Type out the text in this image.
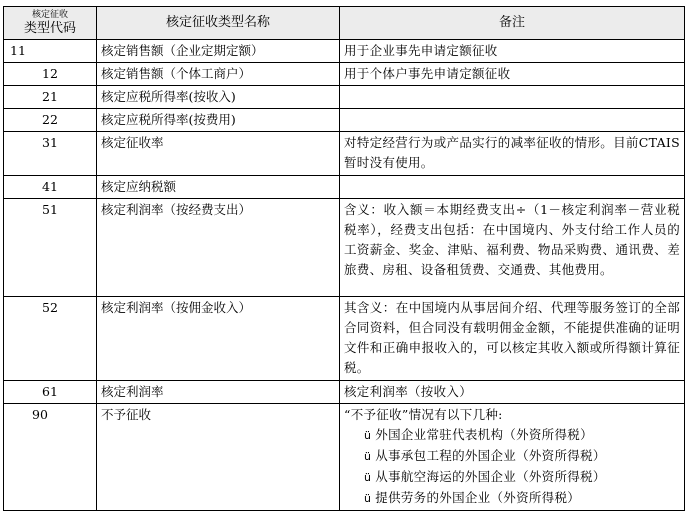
核定征收
类型代码	核定征收类型名称	备注
11	核定销售额（企业定期定额）	用于企业事先申请定额征收
12	核定销售额（个体工商户）	用于个体户事先申请定额征收
21	核定应税所得率(按收入)	
22	核定应税所得率(按费用)	
31	核定征收率	对特定经营行为或产品实行的减率征收的情形。目前CTAIS暂时没有使用。
41	核定应纳税额	
51	核定利润率（按经费支出）	含义：收入额＝本期经费支出÷（1－核定利润率－营业税税率），经费支出包括：在中国境内、外支付给工作人员的工资薪金、奖金、津贴、福利费、物品采购费、通讯费、差旅费、房租、设备租赁费、交通费、其他费用。
52	核定利润率（按佣金收入）	其含义：在中国境内从事居间介绍、代理等服务签订的全部合同资料，但合同没有载明佣金金额，不能提供准确的证明文件和正确申报收入的，可以核定其收入额或所得额计算征税。
61	核定利润率	核定利润率（按收入）
90	不予征收	“不予征收”情况有以下几种:
ü 外国企业常驻代表机构（外资所得税）
ü 从事承包工程的外国企业（外资所得税）
ü 从事航空海运的外国企业（外资所得税）
ü 提供劳务的外国企业（外资所得税）
